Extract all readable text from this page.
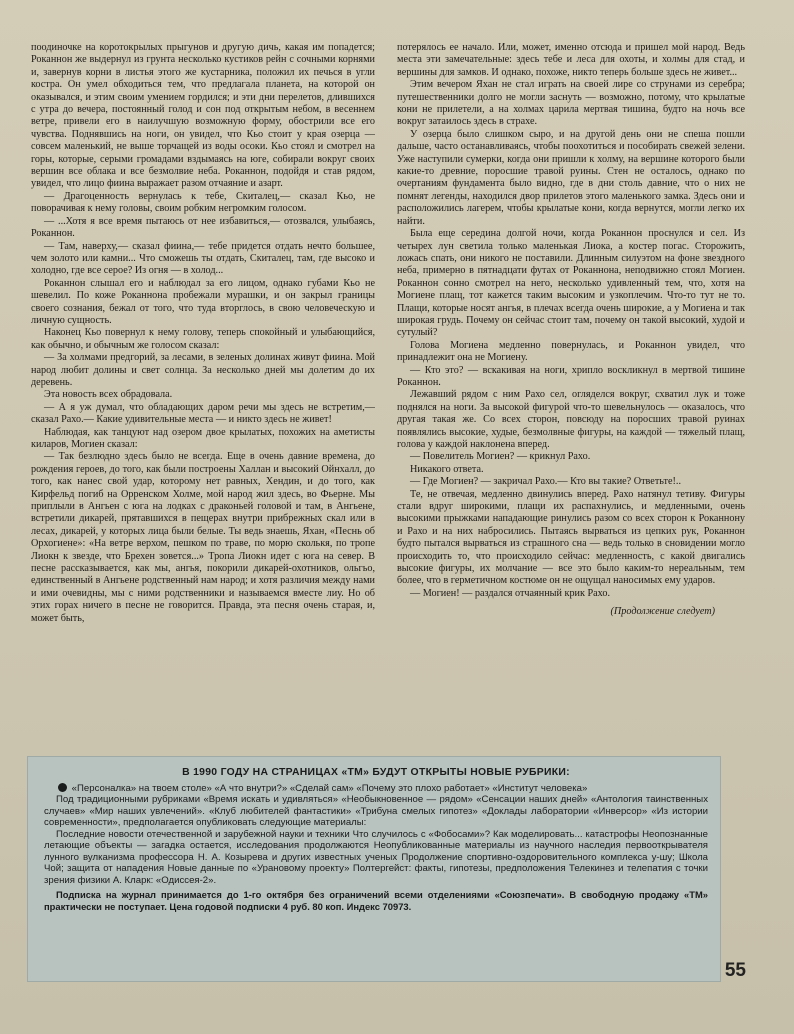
поодиночке на коротокрылых прыгунов и другую дичь, какая им попадется; Роканнон же выдернул из грунта несколько кустиков рейн с сочными корнями и, завернув корни в листья этого же кустарника, положил их печься в угли костра. Он умел обходиться тем, что предлагала планета, на которой он оказывался, и этим своим умением гордился; и эти дни перелетов, длившихся с утра до вечера, постоянный голод и сон под открытым небом, в весеннем ветре, привели его в наилучшую возможную форму, обострили все его чувства. Поднявшись на ноги, он увидел, что Кьо стоит у края озерца — совсем маленький, не выше торчащей из воды осоки. Кьо стоял и смотрел на горы, которые, серыми громадами вздымаясь на юге, собирали вокруг своих вершин все облака и все безмолвие неба. Роканнон, подойдя и став рядом, увидел, что лицо фиина выражает разом отчаяние и азарт.

— Драгоценность вернулась к тебе, Скиталец,— сказал Кьо, не поворачивая к нему головы, своим робким негромким голосом.

— ...Хотя я все время пытаюсь от нее избавиться,— отозвался, улыбаясь, Роканнон.

— Там, наверху,— сказал фиина,— тебе придется отдать нечто большее, чем золото или камни... Что сможешь ты отдать, Скиталец, там, где высоко и холодно, где все серое? Из огня — в холод...

Роканнон слышал его и наблюдал за его лицом, однако губами Кьо не шевелил. По коже Роканнона пробежали мурашки, и он закрыл границы своего сознания, бежал от того, что туда вторглось, в свою человеческую и личную сущность.

Наконец Кьо повернул к нему голову, теперь спокойный и улыбающийся, как обычно, и обычным же голосом сказал:

— За холмами предгорий, за лесами, в зеленых долинах живут фиина. Мой народ любит долины и свет солнца. За несколько дней мы долетим до их деревень.

Эта новость всех обрадовала.

— А я уж думал, что обладающих даром речи мы здесь не встретим,— сказал Рахо.— Какие удивительные места — и никто здесь не живет!

Наблюдая, как танцуют над озером двое крылатых, похожих на аметисты киларов, Могиен сказал:

— Так безлюдно здесь было не всегда. Еще в очень давние времена, до рождения героев, до того, как были построены Халлан и высокий Ойнхалл, до того, как нанес свой удар, которому нет равных, Хендин, и до того, как Кирфельд погиб на Орренском Холме, мой народ жил здесь, во Фьерне. Мы приплыли в Ангьен с юга на лодках с драконьей головой и там, в Ангьене, встретили дикарей, прятавшихся в пещерах внутри прибрежных скал или в лесах, дикарей, у которых лица были белые. Ты ведь знаешь, Яхан, «Песнь об Орхогиене»: «На ветре верхом, пешком по траве, по морю сколькя, по тропе Лиокн к звезде, что Брехен зовется...» Тропа Лиокн идет с юга на север. В песне рассказывается, как мы, ангья, покорили дикарей-охотников, ольгьо, единственный в Ангьене родственный нам народ; и хотя различия между нами и ими очевидны, мы с ними родственники и называемся вместе лиу. Но об этих горах ничего в песне не говорится. Правда, эта песня очень старая, и, может быть,

потерялось ее начало. Или, может, именно отсюда и пришел мой народ. Ведь места эти замечательные: здесь тебе и леса для охоты, и холмы для стад, и вершины для замков. И однако, похоже, никто теперь больше здесь не живет...

Этим вечером Яхан не стал играть на своей лире со струнами из серебра; путешественники долго не могли заснуть — возможно, потому, что крылатые кони не прилетели, а на холмах царила мертвая тишина, будто на ночь все вокруг затаилось здесь в страхе.

У озерца было слишком сыро, и на другой день они не спеша пошли дальше, часто останавливаясь, чтобы поохотиться и пособирать свежей зелени. Уже наступили сумерки, когда они пришли к холму, на вершине которого были какие-то древние, поросшие травой руины. Стен не осталось, однако по очертаниям фундамента было видно, где в дни столь давние, что о них не помнят легенды, находился двор прилетов этого маленького замка. Здесь они и расположились лагерем, чтобы крылатые кони, когда вернутся, могли легко их найти.

Была еще середина долгой ночи, когда Роканнон проснулся и сел. Из четырех лун светила только маленькая Лиока, а костер погас. Сторожить, ложась спать, они никого не поставили. Длинным силуэтом на фоне звездного неба, примерно в пятнадцати футах от Роканнона, неподвижно стоял Могиен. Роканнон сонно смотрел на него, несколько удивленный тем, что, хотя на Могиене плащ, тот кажется таким высоким и узкоплечим. Что-то тут не то. Плащи, которые носят ангья, в плечах всегда очень широкие, а у Могиена и так широкая грудь. Почему он сейчас стоит там, почему он такой высокий, худой и сутулый?

Голова Могиена медленно повернулась, и Роканнон увидел, что принадлежит она не Могиену.

— Кто это? — вскакивая на ноги, хрипло воскликнул в мертвой тишине Роканнон.

Лежавший рядом с ним Рахо сел, огляделся вокруг, схватил лук и тоже поднялся на ноги. За высокой фигурой что-то шевельнулось — оказалось, что другая такая же. Со всех сторон, повсюду на поросших травой руинах появлялись высокие, худые, безмолвные фигуры, на каждой — тяжелый плащ, голова у каждой наклонена вперед.

— Повелитель Могиен? — крикнул Рахо.

Никакого ответа.

— Где Могиен? — закричал Рахо.— Кто вы такие? Ответьте!..

Те, не отвечая, медленно двинулись вперед. Рахо натянул тетиву. Фигуры стали вдруг широкими, плащи их распахнулись, и медленными, очень высокими прыжками нападающие ринулись разом со всех сторон к Роканнону и Рахо и на них набросились. Пытаясь вырваться из цепких рук, Роканнон будто пытался вырваться из страшного сна — ведь только в сновидении могло происходить то, что происходило сейчас: медленность, с какой двигались высокие фигуры, их молчание — все это было каким-то нереальным, тем более, что в герметичном костюме он не ощущал наносимых ему ударов.

— Могиен! — раздался отчаянный крик Рахо.

(Продолжение следует)

В 1990 ГОДУ НА СТРАНИЦАХ «ТМ» БУДУТ ОТКРЫТЫ НОВЫЕ РУБРИКИ:

«Персоналка» на твоем столе» «А что внутри?» «Сделай сам» «Почему это плохо работает» «Институт человека»

Под традиционными рубриками «Время искать и удивляться» «Необыкновенное — рядом» «Сенсации наших дней» «Антология таинственных случаев» «Мир наших увлечений». «Клуб любителей фантастики» «Трибуна смелых гипотез» «Доклады лаборатории «Инверсор» «Из истории современности», предполагается опубликовать следующие материалы:

Последние новости отечественной и зарубежной науки и техники Что случилось с «Фобосами»? Как моделировать... катастрофы Неопознанные летающие объекты — загадка остается, исследования продолжаются Неопубликованные материалы из научного наследия первооткрывателя лунного вулканизма профессора Н. А. Козырева и других известных ученых Продолжение спортивно-оздоровительного комплекса у-шу; Школа Чой; защита от нападения Новые данные по «Урановому проекту» Полтергейст: факты, гипотезы, предположения Телекинез и телепатия с точки зрения физики А. Кларк: «Одиссея-2».

Подписка на журнал принимается до 1-го октября без ограничений всеми отделениями «Союзпечати». В свободную продажу «ТМ» практически не поступает. Цена годовой подписки 4 руб. 80 коп. Индекс 70973.

55
